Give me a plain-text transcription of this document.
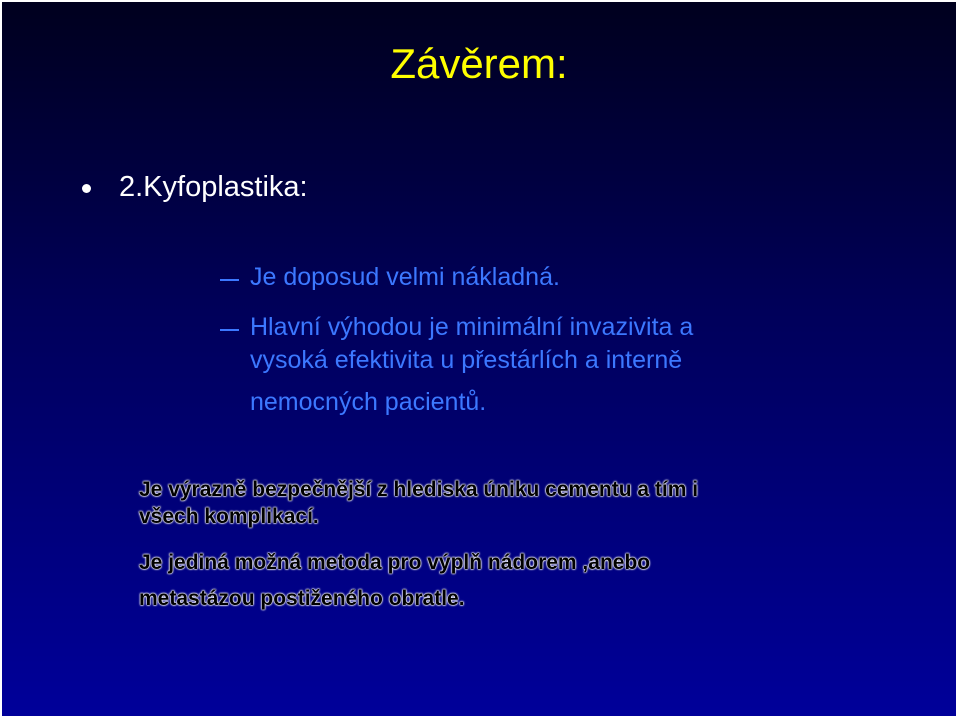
Závěrem:
2.Kyfoplastika:
Je doposud velmi nákladná.
Hlavní výhodou je minimální invazivita a
vysoká efektivita u přestárlích a interně
nemocných pacientů.
Je výrazně bezpečnější z hlediska úniku cementu a tím i
všech komplikací.
Je jediná možná metoda pro výplň nádorem ,anebo
metastázou postiženého obratle.
